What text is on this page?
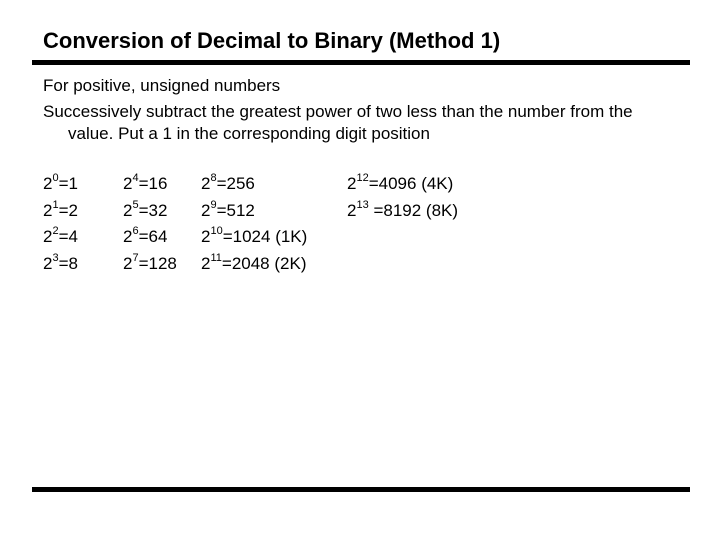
Conversion of Decimal to Binary (Method 1)
For positive, unsigned numbers
Successively subtract the greatest power of two less than the number from the
value. Put a 1 in the corresponding digit position
$2^0=1$
$2^1=2$
$2^2=4$
$2^3=8$
$2^4=16$
$2^5=32$
$2^6=64$
$2^7=128$
$2^8=256$
$2^9=512$
$2^{10}=1024$ (1K)
$2^{11}=2048$ (2K)
$2^{12}=4096$ (4K)
$2^{13} =8192$ (8K)
